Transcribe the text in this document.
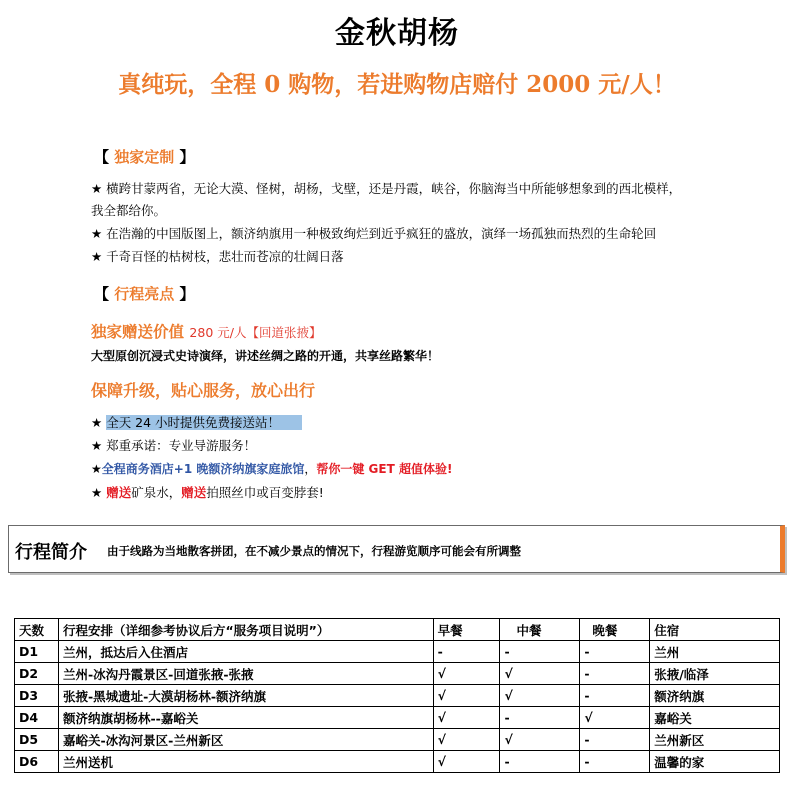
金秋胡杨
真纯玩，全程 0 购物，若进购物店赔付 2000 元/人！
【 独家定制 】
★ 横跨甘蒙两省，无论大漠、怪树，胡杨，戈壁，还是丹霞，峡谷，你脑海当中所能够想象到的西北模样，
我全都给你。
★ 在浩瀚的中国版图上，额济纳旗用一种极致绚烂到近乎疯狂的盛放，演绎一场孤独而热烈的生命轮回
★ 千奇百怪的枯树枝，悲壮而苍凉的壮阔日落
【 行程亮点 】
独家赠送价值 280 元/人【回道张掖】
大型原创沉浸式史诗演绎，讲述丝绸之路的开通，共享丝路繁华！
保障升级，贴心服务，放心出行
★ 全天 24 小时提供免费接送站！
★ 郑重承诺：专业导游服务！
★全程商务酒店+1 晚额济纳旗家庭旅馆，帮你一键 GET 超值体验!
★ 赠送矿泉水，赠送拍照丝巾或百变脖套!
行程简介 由于线路为当地散客拼团，在不减少景点的情况下，行程游览顺序可能会有所调整
天数	行程安排（详细参考协议后方“服务项目说明”）	早餐	中餐	晚餐	住宿
D1	兰州，抵达后入住酒店	-	-	-	兰州
D2	兰州-冰沟丹霞景区-回道张掖-张掖	√	√	-	张掖/临泽
D3	张掖-黑城遗址-大漠胡杨林-额济纳旗	√	√	-	额济纳旗
D4	额济纳旗胡杨林--嘉峪关	√	-	√	嘉峪关
D5	嘉峪关-冰沟河景区-兰州新区	√	√	-	兰州新区
D6	兰州送机	√	-	-	温馨的家
